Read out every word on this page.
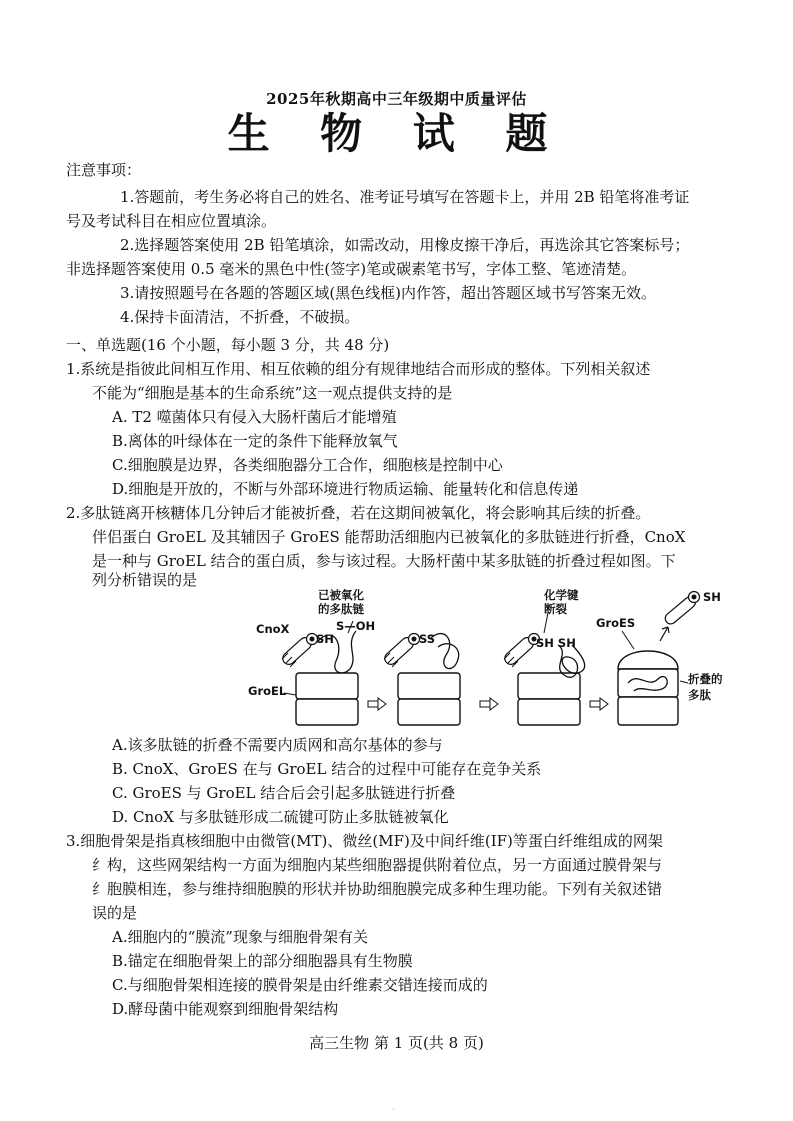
2025年秋期高中三年级期中质量评估
生 物 试 题
注意事项：
1.答题前，考生务必将自己的姓名、准考证号填写在答题卡上，并用 2B 铅笔将准考证
号及考试科目在相应位置填涂。
2.选择题答案使用 2B 铅笔填涂，如需改动，用橡皮擦干净后，再选涂其它答案标号；
非选择题答案使用 0.5 毫米的黑色中性(签字)笔或碳素笔书写，字体工整、笔迹清楚。
3.请按照题号在各题的答题区域(黑色线框)内作答，超出答题区域书写答案无效。
4.保持卡面清洁，不折叠，不破损。
一、单选题(16 个小题，每小题 3 分，共 48 分)
1.系统是指彼此间相互作用、相互依赖的组分有规律地结合而形成的整体。下列相关叙述
不能为“细胞是基本的生命系统”这一观点提供支持的是
A. T2 噬菌体只有侵入大肠杆菌后才能增殖
B.离体的叶绿体在一定的条件下能释放氧气
C.细胞膜是边界，各类细胞器分工合作，细胞核是控制中心
D.细胞是开放的，不断与外部环境进行物质运输、能量转化和信息传递
2.多肽链离开核糖体几分钟后才能被折叠，若在这期间被氧化，将会影响其后续的折叠。
伴侣蛋白 GroEL 及其辅因子 GroES 能帮助活细胞内已被氧化的多肽链进行折叠，CnoX
是一种与 GroEL 结合的蛋白质，参与该过程。大肠杆菌中某多肽链的折叠过程如图。下
列分析错误的是
已被氧化
的多肽链
S—OH
CnoX
SH
GroEL
SS
化学键
断裂
SH SH
GroES
SH
折叠的
多肽
A.该多肽链的折叠不需要内质网和高尔基体的参与
B. CnoX、GroES 在与 GroEL 结合的过程中可能存在竞争关系
C. GroES 与 GroEL 结合后会引起多肽链进行折叠
D. CnoX 与多肽链形成二硫键可防止多肽链被氧化
3.细胞骨架是指真核细胞中由微管(MT)、微丝(MF)及中间纤维(IF)等蛋白纤维组成的网架
纟构，这些网架结构一方面为细胞内某些细胞器提供附着位点，另一方面通过膜骨架与
纟胞膜相连，参与维持细胞膜的形状并协助细胞膜完成多种生理功能。下列有关叙述错
误的是
A.细胞内的“膜流”现象与细胞骨架有关
B.锚定在细胞骨架上的部分细胞器具有生物膜
C.与细胞骨架相连接的膜骨架是由纤维素交错连接而成的
D.酵母菌中能观察到细胞骨架结构
高三生物 第 1 页(共 8 页)
·
